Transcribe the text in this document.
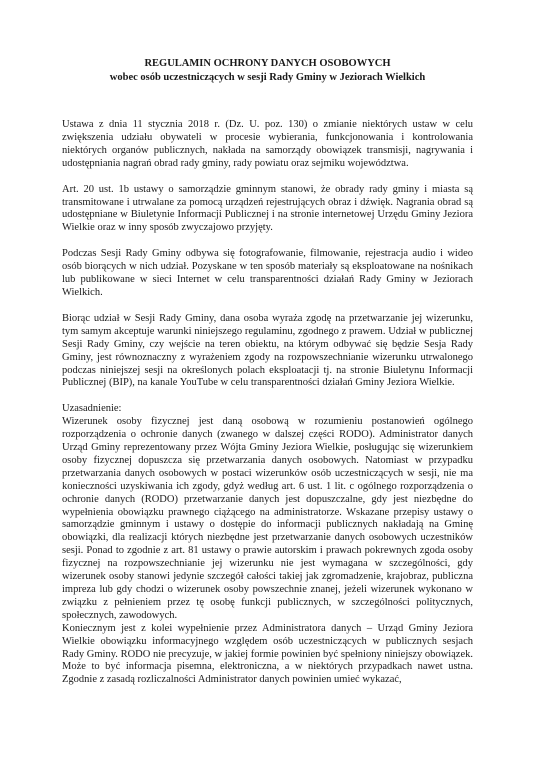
REGULAMIN OCHRONY DANYCH OSOBOWYCH
wobec osób uczestniczących w sesji Rady Gminy w Jeziorach Wielkich

Ustawa z dnia 11 stycznia 2018 r. (Dz. U. poz. 130) o zmianie niektórych ustaw w celu zwiększenia udziału obywateli w procesie wybierania, funkcjonowania i kontrolowania niektórych organów publicznych, nakłada na samorządy obowiązek transmisji, nagrywania i udostępniania nagrań obrad rady gminy, rady powiatu oraz sejmiku województwa.

Art. 20 ust. 1b ustawy o samorządzie gminnym stanowi, że obrady rady gminy i miasta są transmitowane i utrwalane za pomocą urządzeń rejestrujących obraz i dźwięk. Nagrania obrad są udostępniane w Biuletynie Informacji Publicznej i na stronie internetowej Urzędu Gminy Jeziora Wielkie oraz w inny sposób zwyczajowo przyjęty.

Podczas Sesji Rady Gminy odbywa się fotografowanie, filmowanie, rejestracja audio i wideo osób biorących w nich udział. Pozyskane w ten sposób materiały są eksploatowane na nośnikach lub publikowane w sieci Internet w celu transparentności działań Rady Gminy w Jeziorach Wielkich.

Biorąc udział w Sesji Rady Gminy, dana osoba wyraża zgodę na przetwarzanie jej wizerunku, tym samym akceptuje warunki niniejszego regulaminu, zgodnego z prawem. Udział w publicznej Sesji Rady Gminy, czy wejście na teren obiektu, na którym odbywać się będzie Sesja Rady Gminy, jest równoznaczny z wyrażeniem zgody na rozpowszechnianie wizerunku utrwalonego podczas niniejszej sesji na określonych polach eksploatacji tj. na stronie Biuletynu Informacji Publicznej (BIP), na kanale YouTube w celu transparentności działań Gminy Jeziora Wielkie.

Uzasadnienie:

Wizerunek osoby fizycznej jest daną osobową w rozumieniu postanowień ogólnego rozporządzenia o ochronie danych (zwanego w dalszej części RODO). Administrator danych Urząd Gminy reprezentowany przez Wójta Gminy Jeziora Wielkie, posługując się wizerunkiem osoby fizycznej dopuszcza się przetwarzania danych osobowych. Natomiast w przypadku przetwarzania danych osobowych w postaci wizerunków osób uczestniczących w sesji, nie ma konieczności uzyskiwania ich zgody, gdyż według art. 6 ust. 1 lit. c ogólnego rozporządzenia o ochronie danych (RODO) przetwarzanie danych jest dopuszczalne, gdy jest niezbędne do wypełnienia obowiązku prawnego ciążącego na administratorze. Wskazane przepisy ustawy o samorządzie gminnym i ustawy o dostępie do informacji publicznych nakładają na Gminę obowiązki, dla realizacji których niezbędne jest przetwarzanie danych osobowych uczestników sesji. Ponad to zgodnie z art. 81 ustawy o prawie autorskim i prawach pokrewnych zgoda osoby fizycznej na rozpowszechnianie jej wizerunku nie jest wymagana w szczególności, gdy wizerunek osoby stanowi jedynie szczegół całości takiej jak zgromadzenie, krajobraz, publiczna impreza lub gdy chodzi o wizerunek osoby powszechnie znanej, jeżeli wizerunek wykonano w związku z pełnieniem przez tę osobę funkcji publicznych, w szczególności politycznych, społecznych, zawodowych.

Koniecznym jest z kolei wypełnienie przez Administratora danych – Urząd Gminy Jeziora Wielkie obowiązku informacyjnego względem osób uczestniczących w publicznych sesjach Rady Gminy. RODO nie precyzuje, w jakiej formie powinien być spełniony niniejszy obowiązek. Może to być informacja pisemna, elektroniczna, a w niektórych przypadkach nawet ustna. Zgodnie z zasadą rozliczalności Administrator danych powinien umieć wykazać,
